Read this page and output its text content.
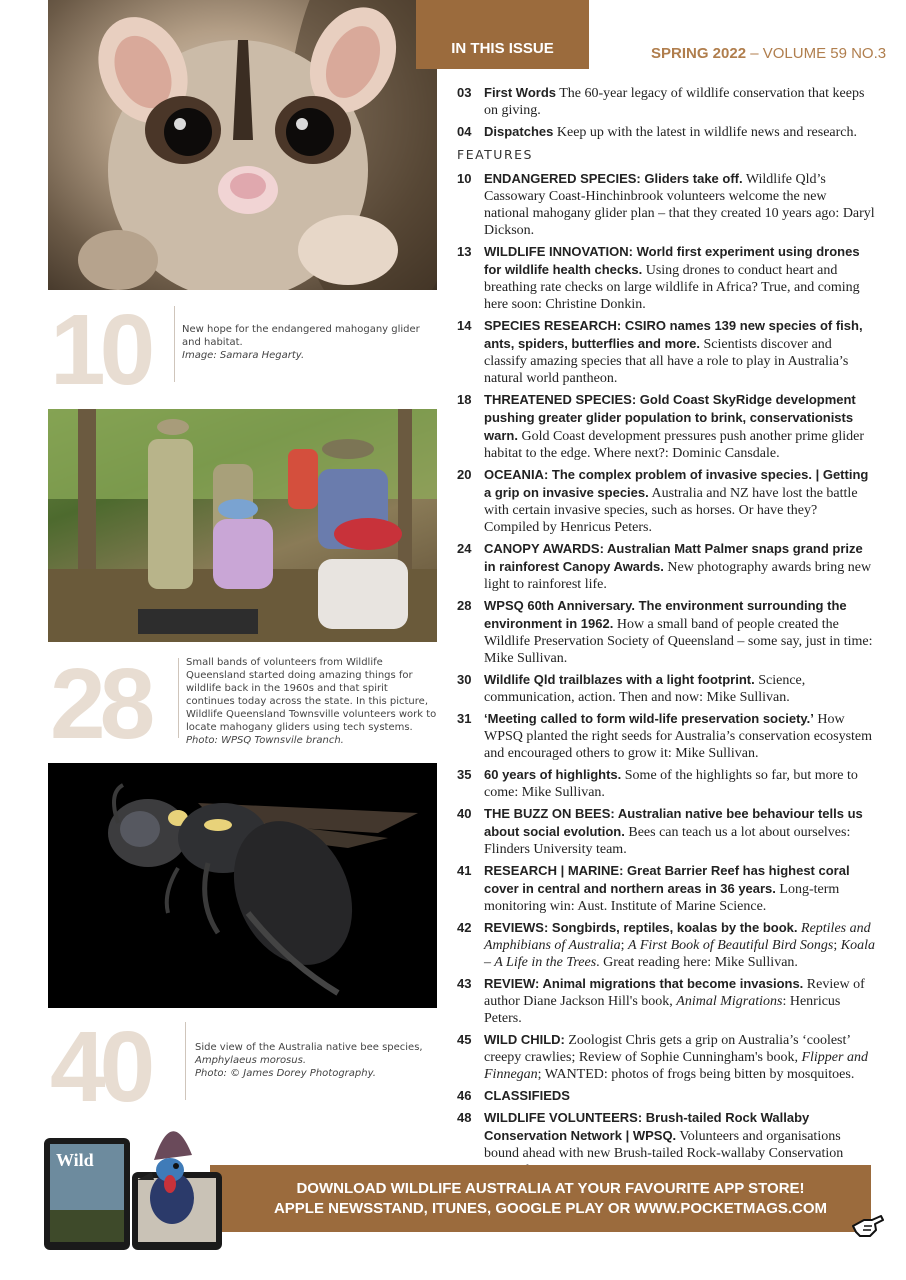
10	New hope for the endangered mahogany glider and habitat.
Image: Samara Hegarty.
28	Small bands of volunteers from Wildlife Queensland started doing amazing things for wildlife back in the 1960s and that spirit continues today across the state. In this picture, Wildlife Queensland Townsville volunteers work to locate mahogany gliders using tech systems. Photo: WPSQ Townsvile branch.
40	Side view of the Australia native bee species,
Amphylaeus morosus.
Photo: © James Dorey Photography.
IN THIS ISSUE	SPRING 2022 – VOLUME 59 NO.3
03 First Words The 60-year legacy of wildlife conservation that keeps on giving.
04 Dispatches Keep up with the latest in wildlife news and research.
FEATURES
10 ENDANGERED SPECIES: Gliders take off. Wildlife Qld’s Cassowary Coast-Hinchinbrook volunteers welcome the new national mahogany glider plan – that they created 10 years ago: Daryl Dickson.
13 WILDLIFE INNOVATION: World first experiment using drones for wildlife health checks. Using drones to conduct heart and breathing rate checks on large wildlife in Africa? True, and coming here soon: Christine Donkin.
14 SPECIES RESEARCH: CSIRO names 139 new species of fish, ants, spiders, butterflies and more. Scientists discover and classify amazing species that all have a role to play in Australia’s natural world pantheon.
18 THREATENED SPECIES: Gold Coast SkyRidge development pushing greater glider population to brink, conservationists warn. Gold Coast development pressures push another prime glider habitat to the edge. Where next?: Dominic Cansdale.
20 OCEANIA: The complex problem of invasive species. | Getting a grip on invasive species. Australia and NZ have lost the battle with certain invasive species, such as horses. Or have they? Compiled by Henricus Peters.
24 CANOPY AWARDS: Australian Matt Palmer snaps grand prize in rainforest Canopy Awards. New photography awards bring new light to rainforest life.
28 WPSQ 60th Anniversary. The environment surrounding the environment in 1962. How a small band of people created the Wildlife Preservation Society of Queensland – some say, just in time: Mike Sullivan.
30 Wildlife Qld trailblazes with a light footprint. Science, communication, action. Then and now: Mike Sullivan.
31 ‘Meeting called to form wild-life preservation society.’ How WPSQ planted the right seeds for Australia’s conservation ecosystem and encouraged others to grow it: Mike Sullivan.
35 60 years of highlights. Some of the highlights so far, but more to come: Mike Sullivan.
40 THE BUZZ ON BEES: Australian native bee behaviour tells us about social evolution. Bees can teach us a lot about ourselves: Flinders University team.
41 RESEARCH | MARINE: Great Barrier Reef has highest coral cover in central and northern areas in 36 years. Long-term monitoring win: Aust. Institute of Marine Science.
42 REVIEWS: Songbirds, reptiles, koalas by the book. Reptiles and Amphibians of Australia; A First Book of Beautiful Bird Songs; Koala – A Life in the Trees. Great reading here: Mike Sullivan.
43 REVIEW: Animal migrations that become invasions. Review of author Diane Jackson Hill's book, Animal Migrations: Henricus Peters.
45 WILD CHILD: Zoologist Chris gets a grip on Australia’s ‘coolest’ creepy crawlies; Review of Sophie Cunningham's book, Flipper and Finnegan; WANTED: photos of frogs being bitten by mosquitoes.
46 CLASSIFIEDS
48 WILDLIFE VOLUNTEERS: Brush-tailed Rock Wallaby Conservation Network | WPSQ. Volunteers and organisations bound ahead with new Brush-tailed Rock-wallaby Conservation
DOWNLOAD WILDLIFE AUSTRALIA AT YOUR FAVOURITE APP STORE!
APPLE NEWSSTAND, ITUNES, GOOGLE PLAY OR WWW.POCKETMAGS.COM
Wild
